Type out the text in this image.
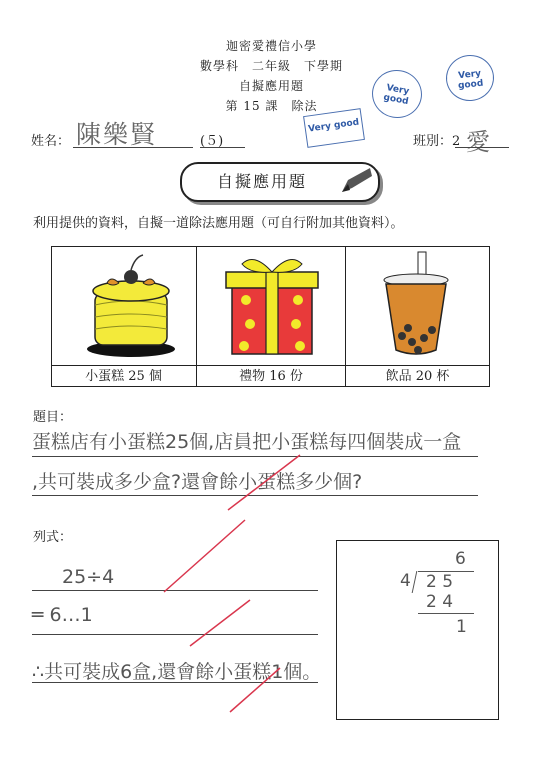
迦密愛禮信小學
數學科　二年級　下學期
自擬應用題
第 15 課　除法
Very good
Very good
Very good
姓名： 陳樂賢	(５)	班別：2 愛
自擬應用題
利用提供的資料，自擬一道除法應用題（可自行附加其他資料）。
小蛋糕 25 個	禮物 16 份	飲品 20 杯
題目：
蛋糕店有小蛋糕25個,店員把小蛋糕每四個裝成一盒
,共可裝成多少盒?還會餘小蛋糕多少個?
列式：
25÷4
═ 6…1
∴共可裝成6盒,還會餘小蛋糕1個。
6
4 2 5
2 4
1
